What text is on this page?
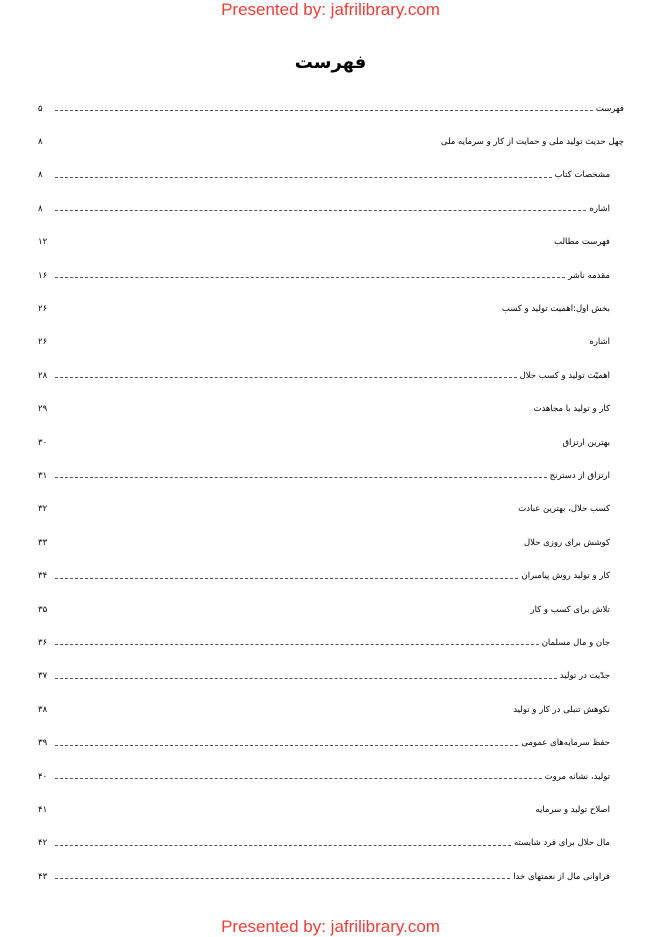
Presented by: jafrilibrary.com
فهرست
فهرست
۵
چهل حدیث تولید ملی و حمایت از کار و سرمایه ملی
۸
مشخصات کتاب
۸
اشاره
۸
فهرست مطالب
۱۲
مقدمه ناشر
۱۶
بخش اول:اهمیت تولید و کسب
۲۶
اشاره
۲۶
اهمیّت تولید و کسب حلال
۲۸
کار و تولید با مجاهدت
۲۹
بهترین ارتزاق
۳۰
ارتزاق از دسترنج
۳۱
کسب حلال، بهترین عبادت
۳۲
کوشش برای روزی حلال
۳۳
کار و تولید روش پیامبران
۳۴
تلاش برای کسب و کار
۳۵
جان و مال مسلمان
۳۶
جدّیت در تولید
۳۷
نکوهش تنبلی در کار و تولید
۳۸
حفظ سرمایه‌های عمومی
۳۹
تولید، نشانه مروت
۴۰
اصلاح تولید و سرمایه
۴۱
مال حلال برای فرد شایسته
۴۲
فراوانی مال از نعمتهای خدا
۴۳
Presented by: jafrilibrary.com
